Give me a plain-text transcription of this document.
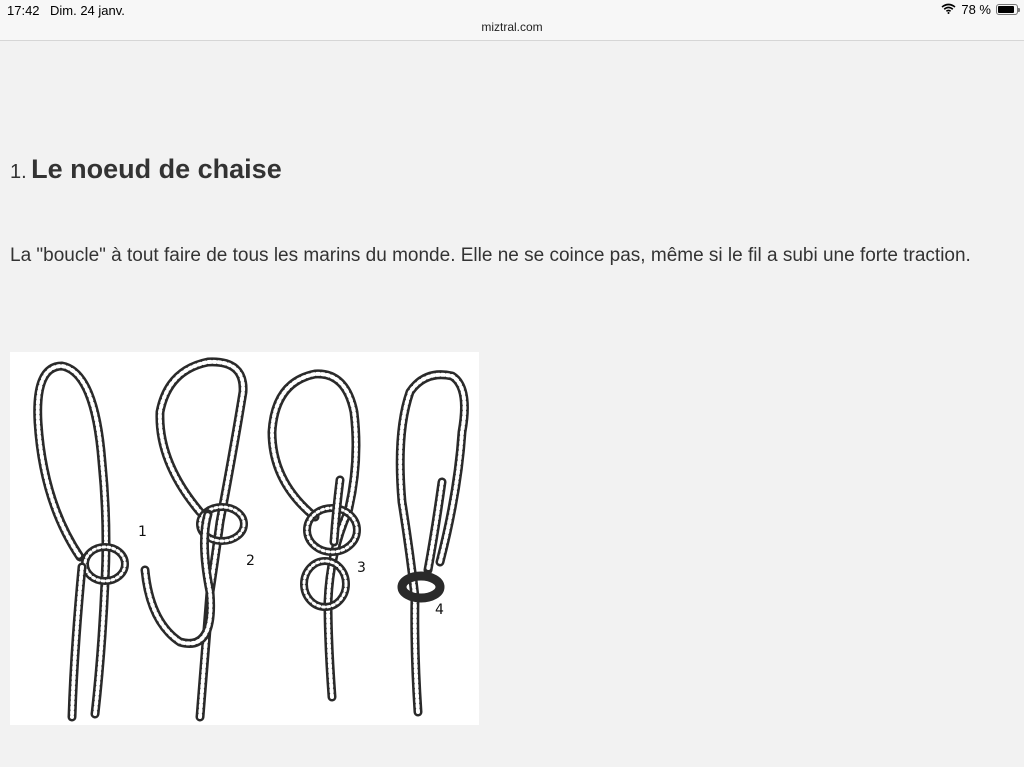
17:42 Dim. 24 janv.
miztral.com
78 %
1. Le noeud de chaise

La "boucle" à tout faire de tous les marins du monde. Elle ne se coince pas, même si le fil a subi une forte traction.

1
2	3
4
